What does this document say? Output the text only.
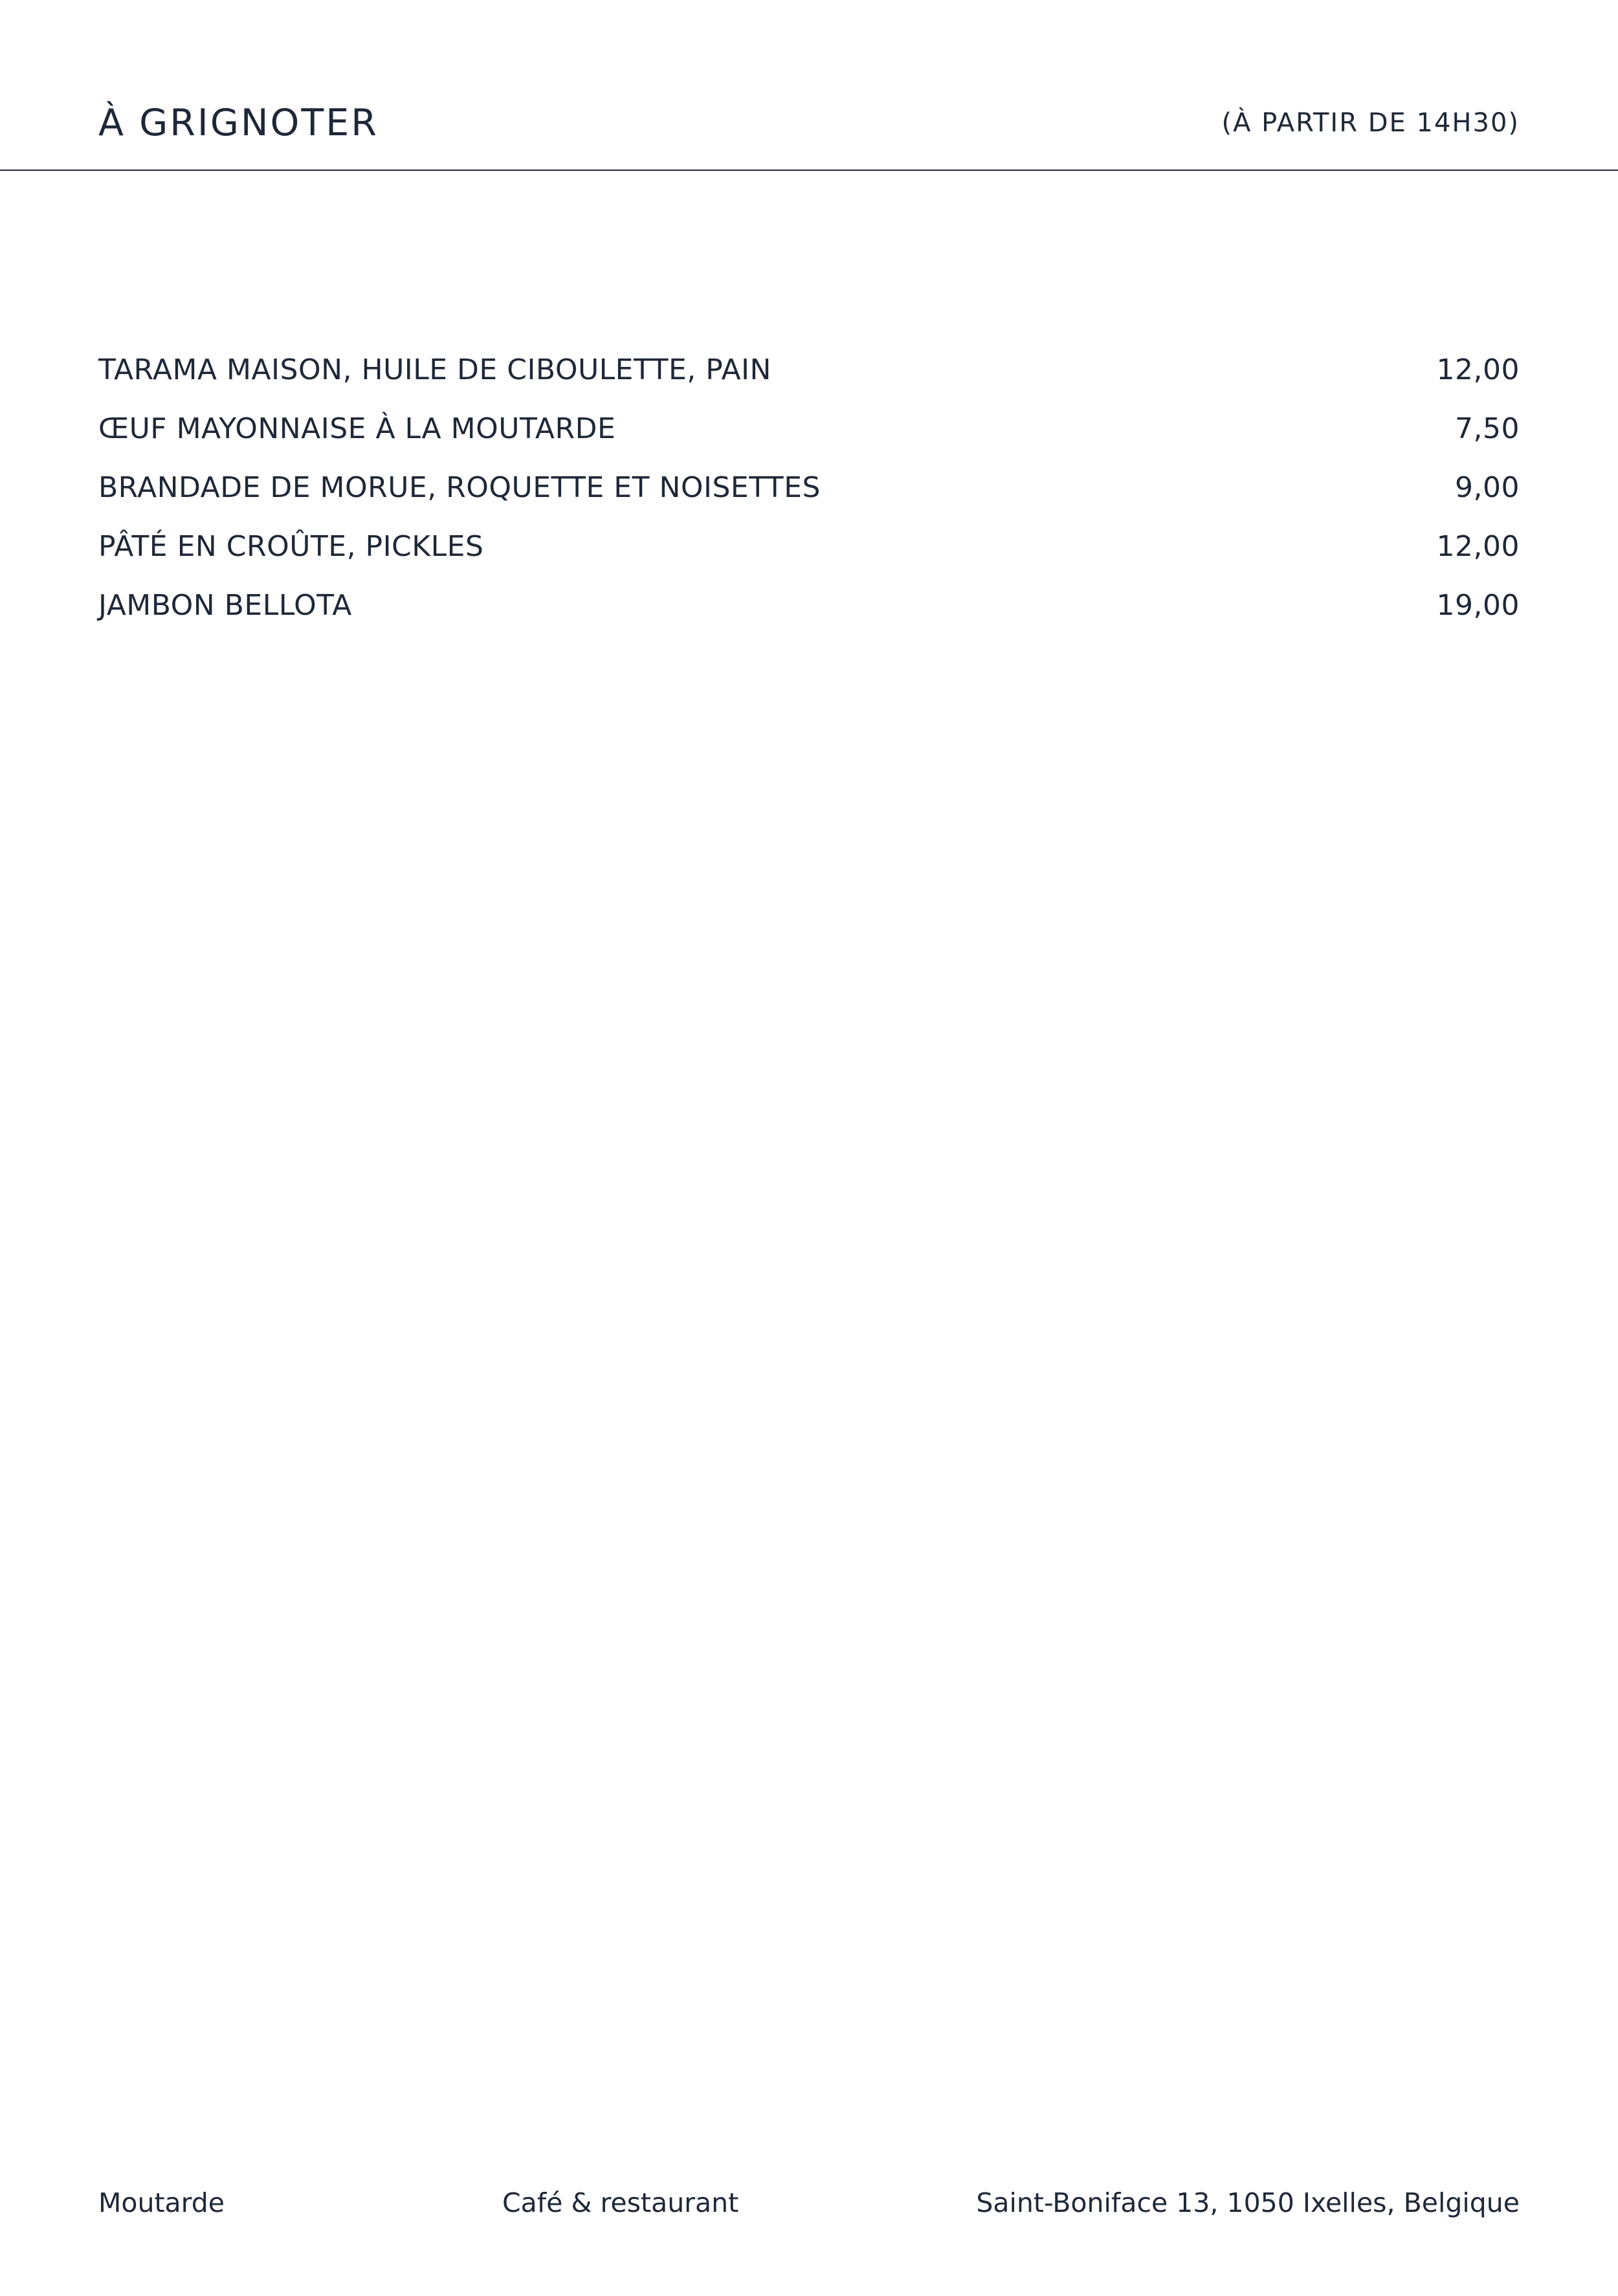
À GRIGNOTER	(À PARTIR DE 14H30)
TARAMA MAISON, HUILE DE CIBOULETTE, PAIN	12,00
ŒUF MAYONNAISE À LA MOUTARDE	7,50
BRANDADE DE MORUE, ROQUETTE ET NOISETTES	9,00
PÂTÉ EN CROÛTE, PICKLES	12,00
JAMBON BELLOTA	19,00
Moutarde	Café & restaurant	Saint-Boniface 13, 1050 Ixelles, Belgique
